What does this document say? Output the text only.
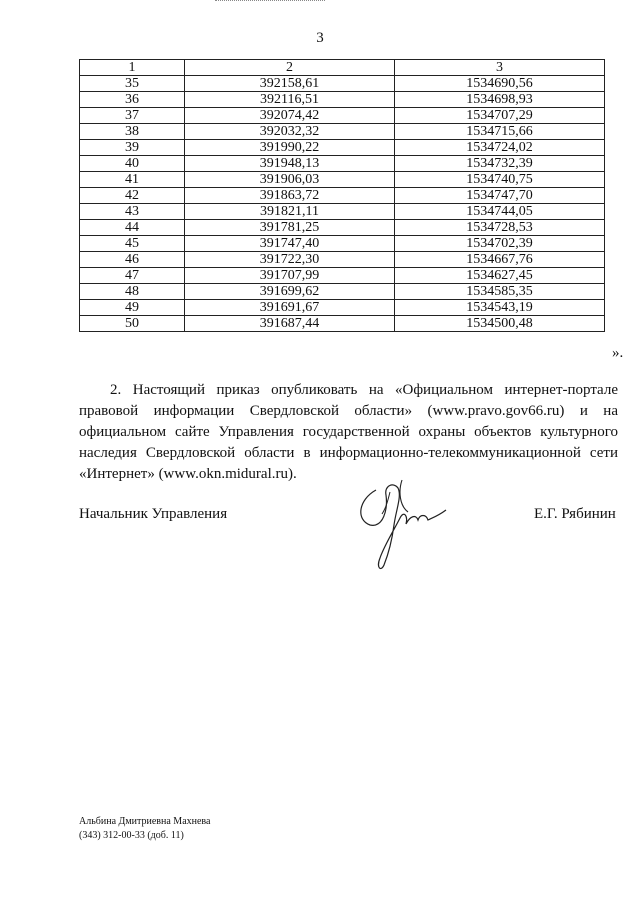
3
1	2	3
35	392158,61	1534690,56
36	392116,51	1534698,93
37	392074,42	1534707,29
38	392032,32	1534715,66
39	391990,22	1534724,02
40	391948,13	1534732,39
41	391906,03	1534740,75
42	391863,72	1534747,70
43	391821,11	1534744,05
44	391781,25	1534728,53
45	391747,40	1534702,39
46	391722,30	1534667,76
47	391707,99	1534627,45
48	391699,62	1534585,35
49	391691,67	1534543,19
50	391687,44	1534500,48
».
2. Настоящий приказ опубликовать на «Официальном интернет-портале правовой информации Свердловской области» (www.pravo.gov66.ru) и на официальном сайте Управления государственной охраны объектов культурного наследия Свердловской области в информационно-телекоммуникационной сети «Интернет» (www.okn.midural.ru).
Начальник Управления	Е.Г. Рябинин
Альбина Дмитриевна Махнева
(343) 312-00-33 (доб. 11)
